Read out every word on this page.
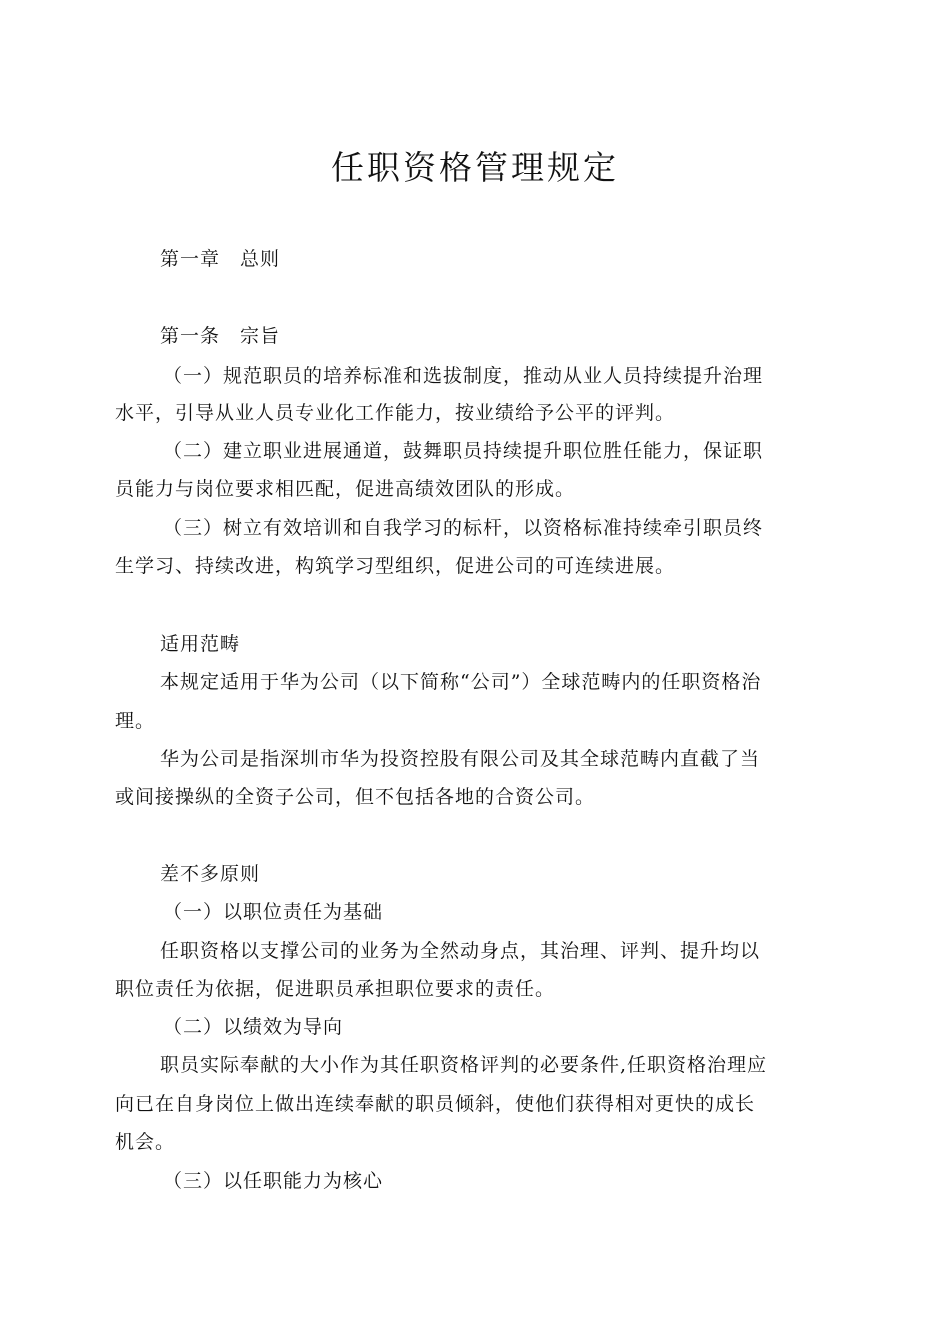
任职资格管理规定
第一章　总则
第一条　宗旨
（一）规范职员的培养标准和选拔制度，推动从业人员持续提升治理
水平，引导从业人员专业化工作能力，按业绩给予公平的评判。
（二）建立职业进展通道，鼓舞职员持续提升职位胜任能力，保证职
员能力与岗位要求相匹配，促进高绩效团队的形成。
（三）树立有效培训和自我学习的标杆，以资格标准持续牵引职员终
生学习、持续改进，构筑学习型组织，促进公司的可连续进展。
适用范畴
本规定适用于华为公司（以下简称“公司”）全球范畴内的任职资格治
理。
华为公司是指深圳市华为投资控股有限公司及其全球范畴内直截了当
或间接操纵的全资子公司，但不包括各地的合资公司。
差不多原则
（一）以职位责任为基础
任职资格以支撑公司的业务为全然动身点，其治理、评判、提升均以
职位责任为依据，促进职员承担职位要求的责任。
（二）以绩效为导向
职员实际奉献的大小作为其任职资格评判的必要条件,任职资格治理应
向已在自身岗位上做出连续奉献的职员倾斜，使他们获得相对更快的成长
机会。
（三）以任职能力为核心
